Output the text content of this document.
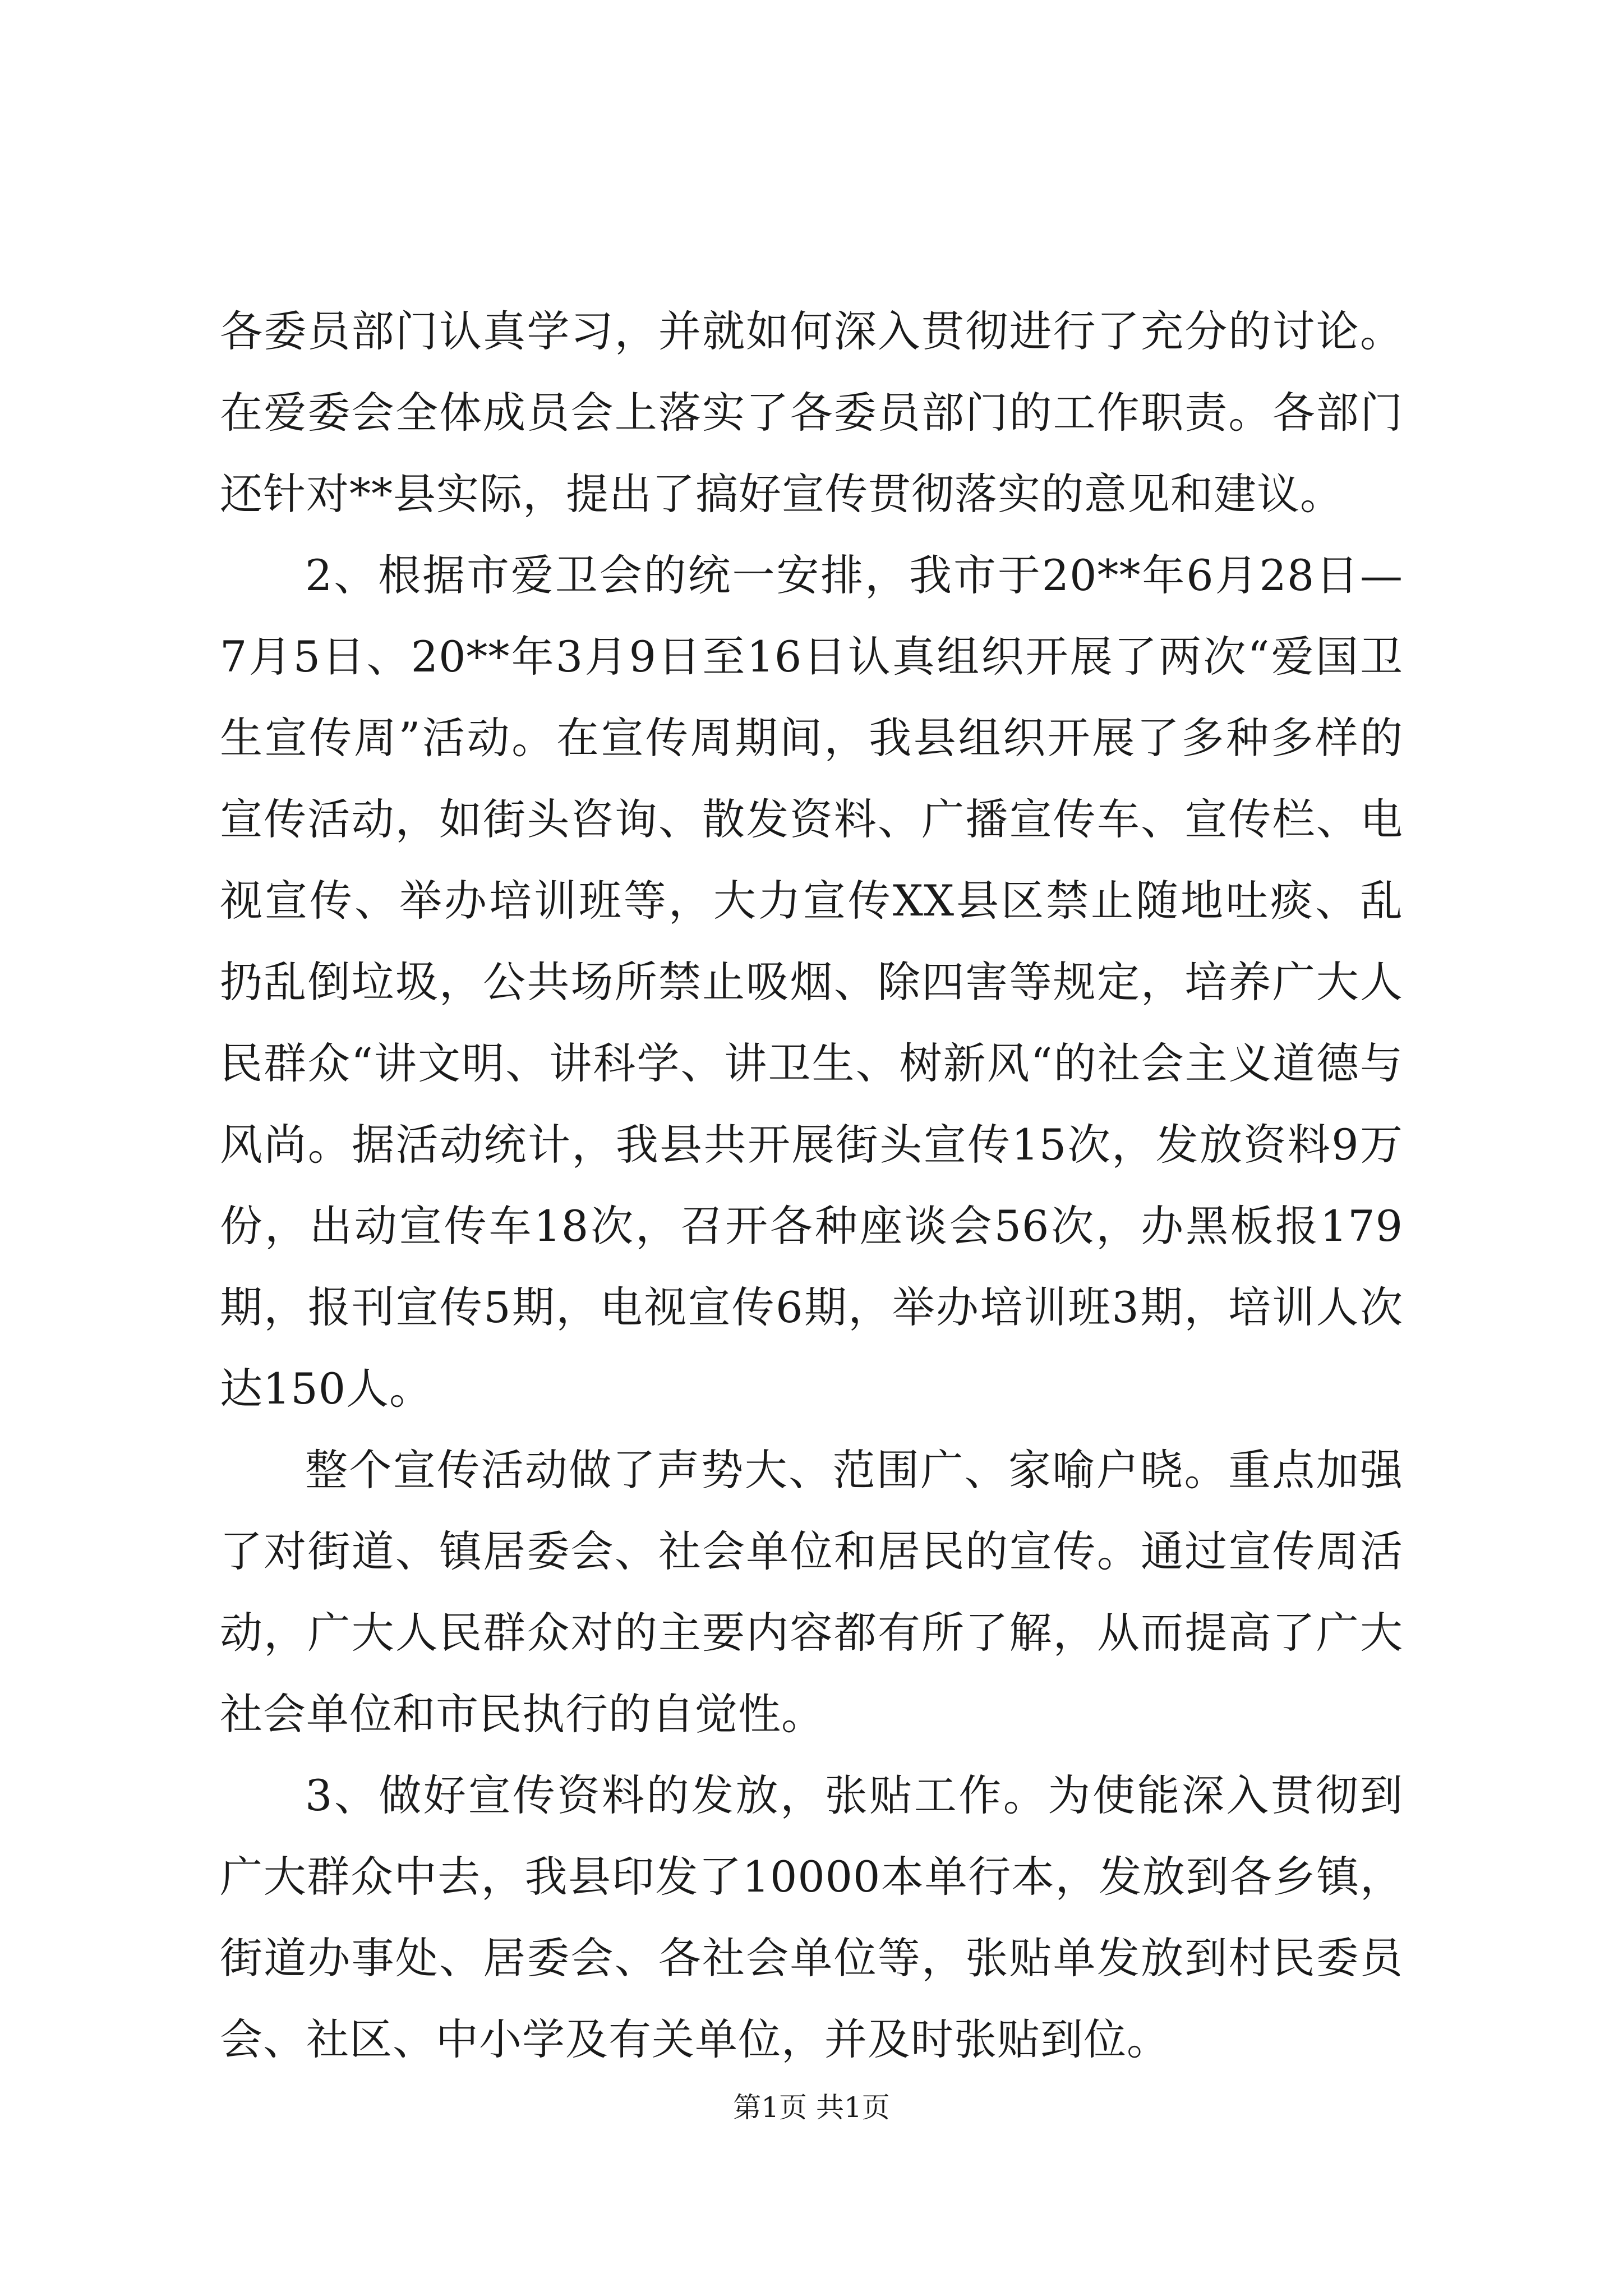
各委员部门认真学习，并就如何深入贯彻进行了充分的讨论。在爱委会全体成员会上落实了各委员部门的工作职责。各部门还针对**县实际，提出了搞好宣传贯彻落实的意见和建议。

2、根据市爱卫会的统一安排，我市于20**年6月28日—7月5日、20**年3月9日至16日认真组织开展了两次“爱国卫生宣传周”活动。在宣传周期间，我县组织开展了多种多样的宣传活动，如街头咨询、散发资料、广播宣传车、宣传栏、电视宣传、举办培训班等，大力宣传XX县区禁止随地吐痰、乱扔乱倒垃圾，公共场所禁止吸烟、除四害等规定，培养广大人民群众“讲文明、讲科学、讲卫生、树新风“的社会主义道德与风尚。据活动统计，我县共开展街头宣传15次，发放资料9万份，出动宣传车18次，召开各种座谈会56次，办黑板报179期，报刊宣传5期，电视宣传6期，举办培训班3期，培训人次达150人。

整个宣传活动做了声势大、范围广、家喻户晓。重点加强了对街道、镇居委会、社会单位和居民的宣传。通过宣传周活动，广大人民群众对的主要内容都有所了解，从而提高了广大社会单位和市民执行的自觉性。

3、做好宣传资料的发放，张贴工作。为使能深入贯彻到广大群众中去，我县印发了10000本单行本，发放到各乡镇，街道办事处、居委会、各社会单位等，张贴单发放到村民委员会、社区、中小学及有关单位，并及时张贴到位。

第1页 共1页
